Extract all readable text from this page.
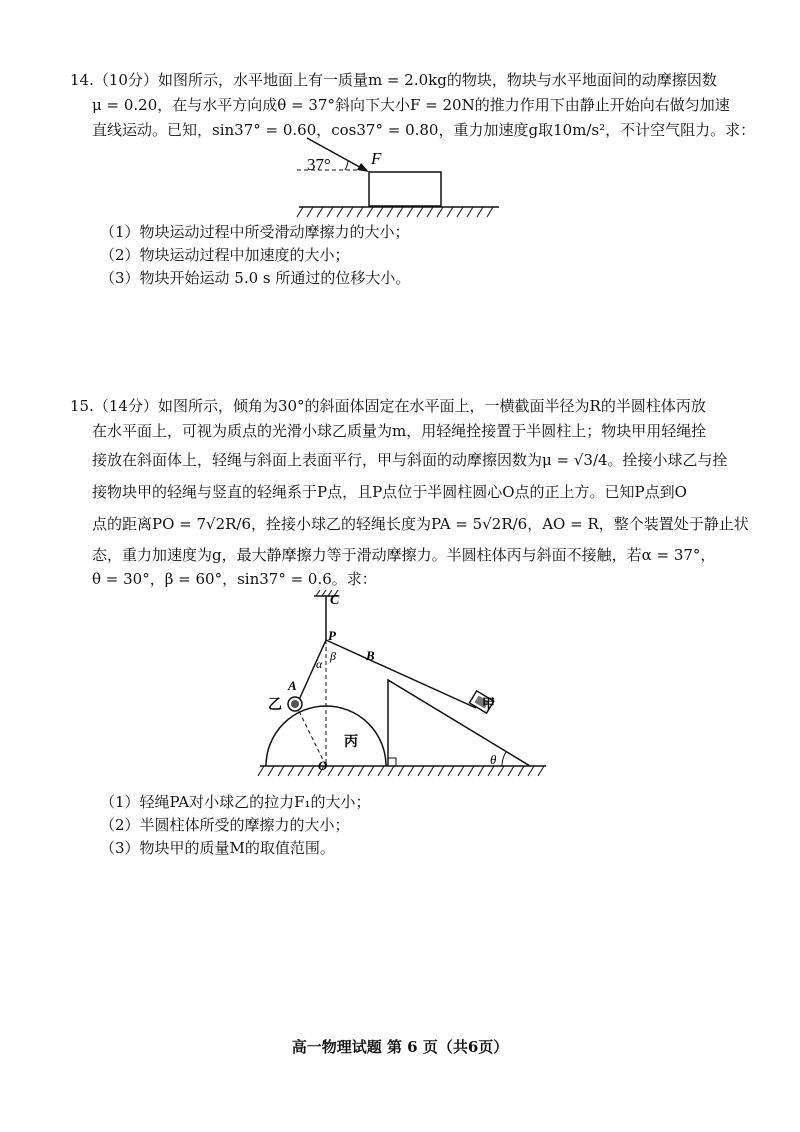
14.（10分）如图所示，水平地面上有一质量m = 2.0kg的物块，物块与水平地面间的动摩擦因数
μ = 0.20，在与水平方向成θ = 37°斜向下大小F = 20N的推力作用下由静止开始向右做匀加速
直线运动。已知，sin37° = 0.60，cos37° = 0.80，重力加速度g取10m/s²，不计空气阻力。求：
37° F
（1）物块运动过程中所受滑动摩擦力的大小；
（2）物块运动过程中加速度的大小；
（3）物块开始运动 5.0 s 所通过的位移大小。
15.（14分）如图所示，倾角为30°的斜面体固定在水平面上，一横截面半径为R的半圆柱体丙放
在水平面上，可视为质点的光滑小球乙质量为m，用轻绳拴接置于半圆柱上；物块甲用轻绳拴
接放在斜面体上，轻绳与斜面上表面平行，甲与斜面的动摩擦因数为μ = √3/4。拴接小球乙与拴
接物块甲的轻绳与竖直的轻绳系于P点，且P点位于半圆柱圆心O点的正上方。已知P点到O
点的距离PO = 7√2R/6，拴接小球乙的轻绳长度为PA = 5√2R/6，AO = R，整个装置处于静止状
态，重力加速度为g，最大静摩擦力等于滑动摩擦力。半圆柱体丙与斜面不接触，若α = 37°，
θ = 30°，β = 60°，sin37° = 0.6。求：
C
P
B
A
O
α
β
θ
乙
丙
甲
（1）轻绳PA对小球乙的拉力F₁的大小；
（2）半圆柱体所受的摩擦力的大小；
（3）物块甲的质量M的取值范围。
高一物理试题 第 6 页（共6页）
